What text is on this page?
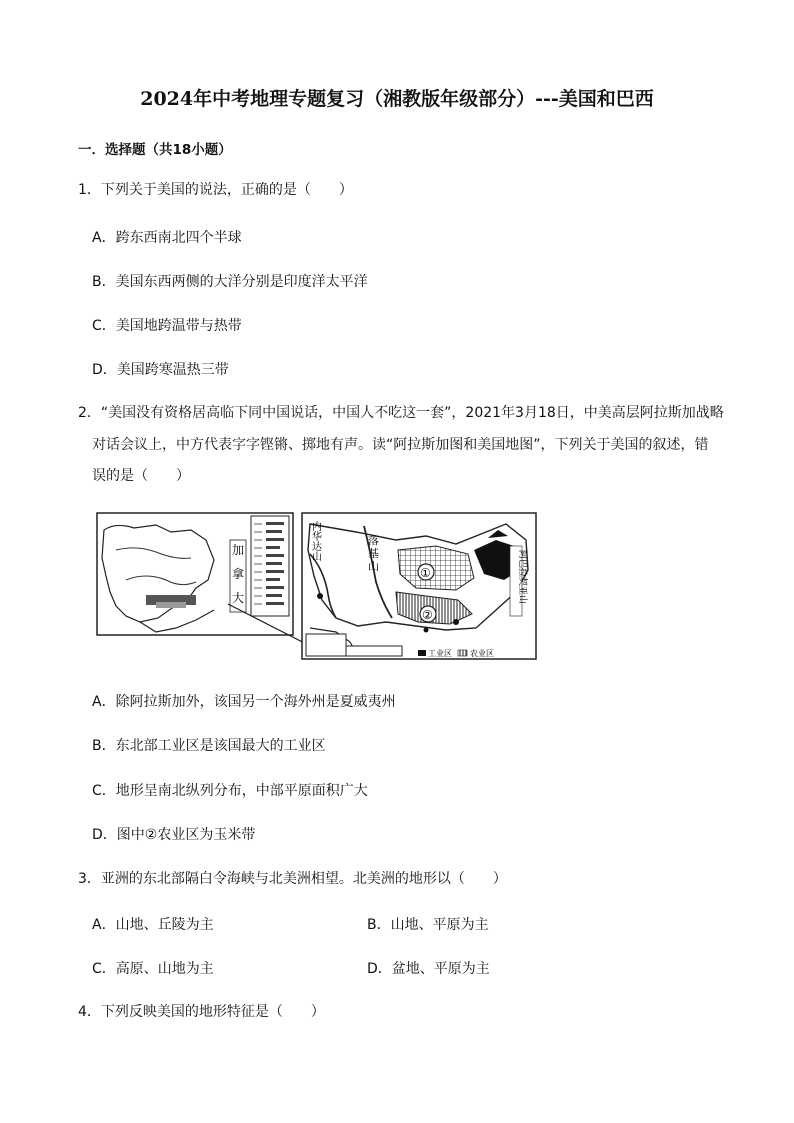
2024年中考地理专题复习（湘教版年级部分）---美国和巴西
一．选择题（共18小题）
1．下列关于美国的说法，正确的是（　　）
A．跨东西南北四个半球
B．美国东西两侧的大洋分别是印度洋太平洋
C．美国地跨温带与热带
D．美国跨寒温热三带
2．“美国没有资格居高临下同中国说话，中国人不吃这一套”，2021年3月18日，中美高层阿拉斯加战略
对话会议上，中方代表字字铿锵、掷地有声。读“阿拉斯加图和美国地图”，下列关于美国的叙述，错
误的是（　　）
加
拿
大
内
华
达
山
落
基
山	①
②
阿巴拉契亚山
工业区 农业区
A．除阿拉斯加外，该国另一个海外州是夏威夷州
B．东北部工业区是该国最大的工业区
C．地形呈南北纵列分布，中部平原面积广大
D．图中②农业区为玉米带
3．亚洲的东北部隔白令海峡与北美洲相望。北美洲的地形以（　　）
A．山地、丘陵为主	B．山地、平原为主
C．高原、山地为主	D．盆地、平原为主
4．下列反映美国的地形特征是（　　）
